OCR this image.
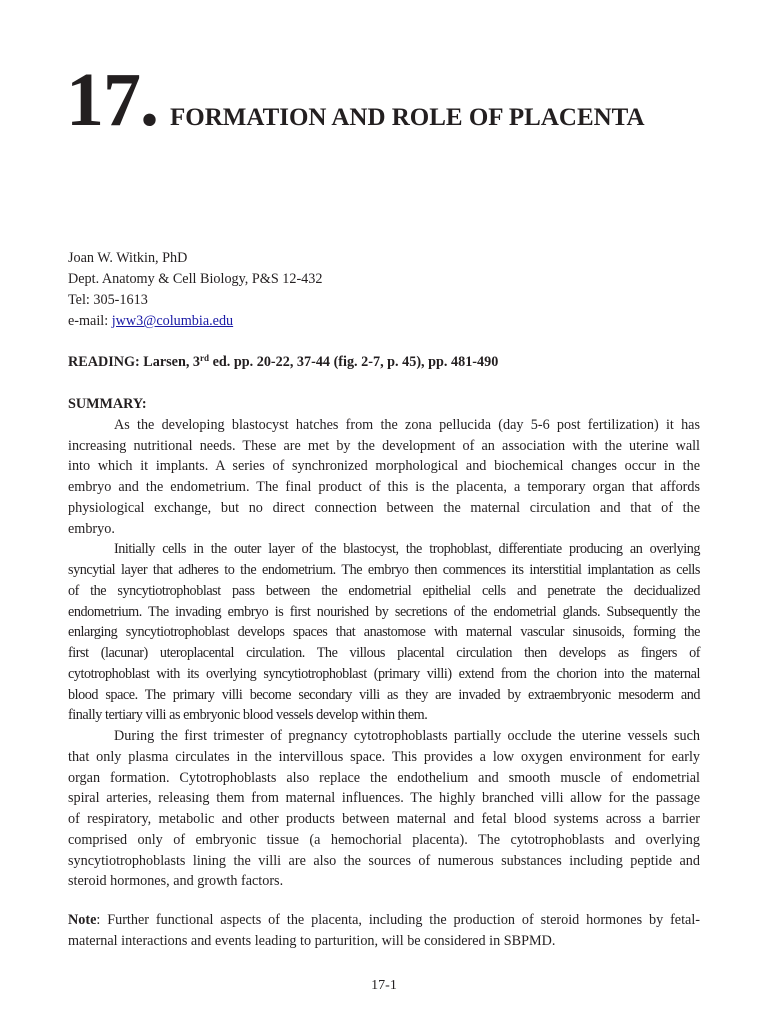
17. FORMATION AND ROLE OF PLACENTA
Joan W. Witkin, PhD
Dept. Anatomy & Cell Biology, P&S 12-432
Tel: 305-1613
e-mail: jww3@columbia.edu
READING: Larsen, 3rd ed. pp. 20-22, 37-44 (fig. 2-7, p. 45), pp. 481-490
SUMMARY:
As the developing blastocyst hatches from the zona pellucida (day 5-6 post fertilization) it has
increasing nutritional needs. These are met by the development of an association with the uterine wall
into which it implants. A series of synchronized morphological and biochemical changes occur in the
embryo and the endometrium. The final product of this is the placenta, a temporary organ that affords
physiological exchange, but no direct connection between the maternal circulation and that of the
embryo.
Initially cells in the outer layer of the blastocyst, the trophoblast, differentiate producing an overlying
syncytial layer that adheres to the endometrium. The embryo then commences its interstitial implantation as cells
of the syncytiotrophoblast pass between the endometrial epithelial cells and penetrate the decidualized
endometrium. The invading embryo is first nourished by secretions of the endometrial glands. Subsequently the
enlarging syncytiotrophoblast develops spaces that anastomose with maternal vascular sinusoids, forming the
first (lacunar) uteroplacental circulation. The villous placental circulation then develops as fingers of
cytotrophoblast with its overlying syncytiotrophoblast (primary villi) extend from the chorion into the maternal
blood space. The primary villi become secondary villi as they are invaded by extraembryonic mesoderm and
finally tertiary villi as embryonic blood vessels develop within them.
During the first trimester of pregnancy cytotrophoblasts partially occlude the uterine vessels such
that only plasma circulates in the intervillous space. This provides a low oxygen environment for early
organ formation. Cytotrophoblasts also replace the endothelium and smooth muscle of endometrial
spiral arteries, releasing them from maternal influences. The highly branched villi allow for the passage
of respiratory, metabolic and other products between maternal and fetal blood systems across a barrier
comprised only of embryonic tissue (a hemochorial placenta). The cytotrophoblasts and overlying
syncytiotrophoblasts lining the villi are also the sources of numerous substances including peptide and
steroid hormones, and growth factors.
Note: Further functional aspects of the placenta, including the production of steroid hormones by fetal-
maternal interactions and events leading to parturition, will be considered in SBPMD.
17-1
